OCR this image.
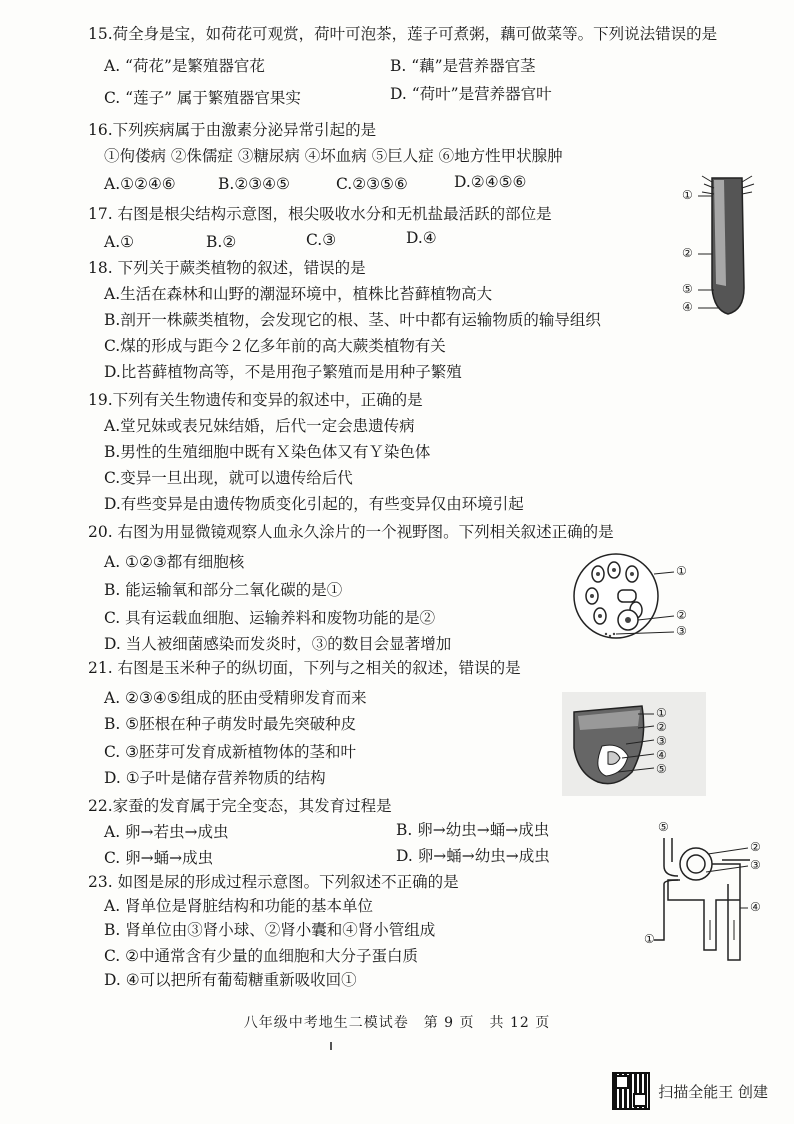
15.荷全身是宝，如荷花可观赏，荷叶可泡茶，莲子可煮粥，藕可做菜等。下列说法错误的是
A. “荷花”是繁殖器官花	B. “藕”是营养器官茎
C. “莲子” 属于繁殖器官果实	D. “荷叶”是营养器官叶
16.下列疾病属于由激素分泌异常引起的是
①佝偻病 ②侏儒症 ③糖尿病 ④坏血病 ⑤巨人症 ⑥地方性甲状腺肿
A.①②④⑥	B.②③④⑤	C.②③⑤⑥	D.②④⑤⑥
17. 右图是根尖结构示意图，根尖吸收水分和无机盐最活跃的部位是
A.①	B.②	C.③	D.④
①
②
⑤
④
18. 下列关于蕨类植物的叙述，错误的是
A.生活在森林和山野的潮湿环境中，植株比苔藓植物高大
B.剖开一株蕨类植物，会发现它的根、茎、叶中都有运输物质的输导组织
C.煤的形成与距今２亿多年前的高大蕨类植物有关
D.比苔藓植物高等，不是用孢子繁殖而是用种子繁殖
19.下列有关生物遗传和变异的叙述中，正确的是
A.堂兄妹或表兄妹结婚，后代一定会患遗传病
B.男性的生殖细胞中既有Ｘ染色体又有Ｙ染色体
C.变异一旦出现，就可以遗传给后代
D.有些变异是由遗传物质变化引起的，有些变异仅由环境引起
20. 右图为用显微镜观察人血永久涂片的一个视野图。下列相关叙述正确的是
A. ①②③都有细胞核
B. 能运输氧和部分二氧化碳的是①
C. 具有运载血细胞、运输养料和废物功能的是②
D. 当人被细菌感染而发炎时，③的数目会显著增加
①
②
③
21. 右图是玉米种子的纵切面，下列与之相关的叙述，错误的是
A. ②③④⑤组成的胚由受精卵发育而来
B. ⑤胚根在种子萌发时最先突破种皮
C. ③胚芽可发育成新植物体的茎和叶
D. ①子叶是储存营养物质的结构
①
②
③
④
⑤
22.家蚕的发育属于完全变态，其发育过程是
A. 卵→若虫→成虫	B. 卵→幼虫→蛹→成虫
C. 卵→蛹→成虫	D. 卵→蛹→幼虫→成虫
23. 如图是尿的形成过程示意图。下列叙述不正确的是
A. 肾单位是肾脏结构和功能的基本单位
B. 肾单位由③肾小球、②肾小囊和④肾小管组成
C. ②中通常含有少量的血细胞和大分子蛋白质
D. ④可以把所有葡萄糖重新吸收回①
⑤
②
③
④
①
八年级中考地生二模试卷　第 9 页　共 12 页
扫描全能王 创建
